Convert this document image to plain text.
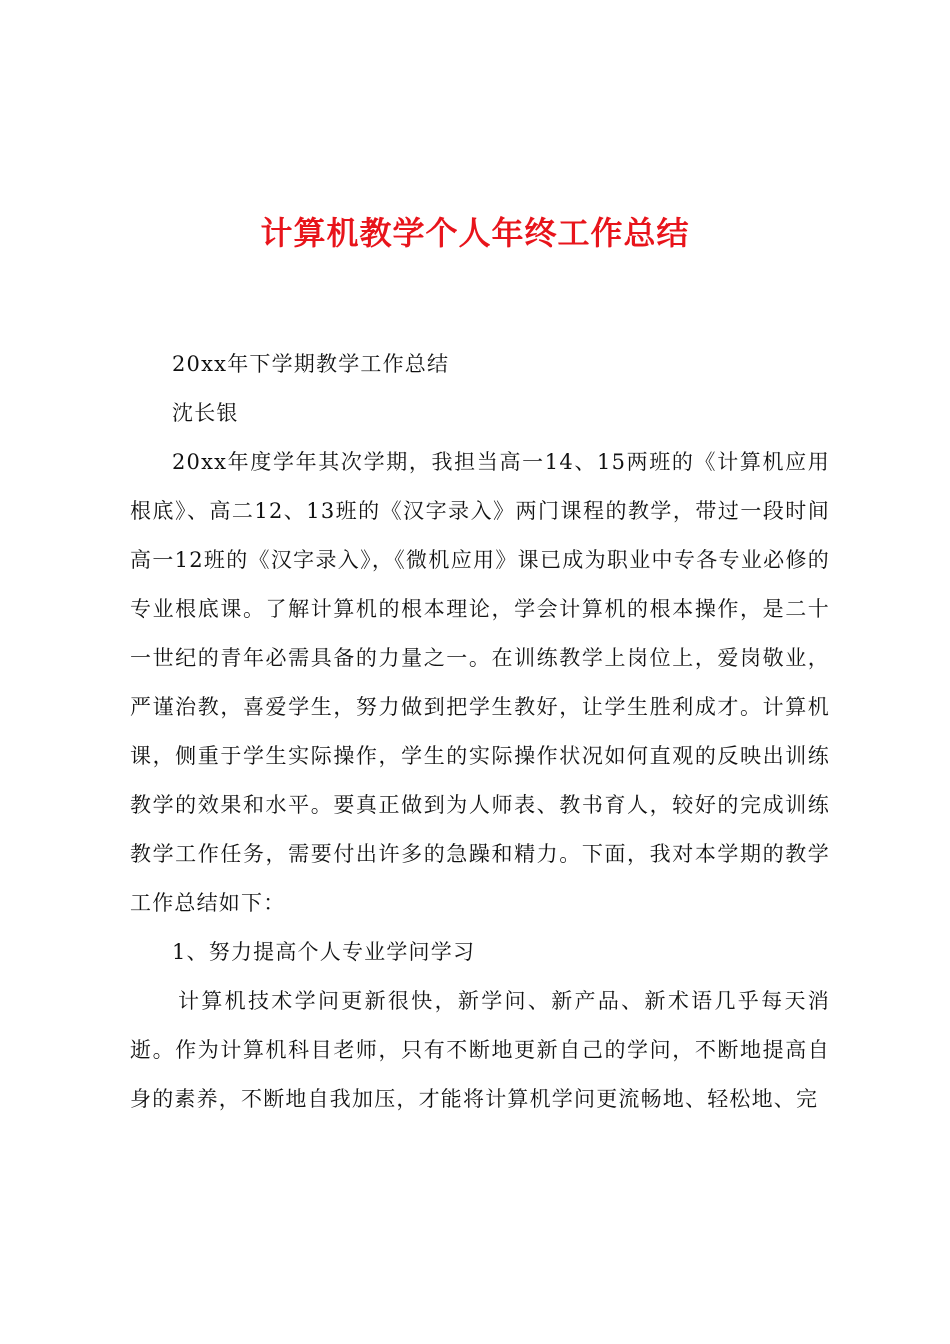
计算机教学个人年终工作总结

20xx年下学期教学工作总结

沈长银

20xx年度学年其次学期，我担当高一14、15两班的《计算机应用根底》、高二12、13班的《汉字录入》两门课程的教学，带过一段时间高一12班的《汉字录入》，《微机应用》课已成为职业中专各专业必修的专业根底课。了解计算机的根本理论，学会计算机的根本操作，是二十一世纪的青年必需具备的力量之一。在训练教学上岗位上，爱岗敬业，严谨治教，喜爱学生，努力做到把学生教好，让学生胜利成才。计算机课，侧重于学生实际操作，学生的实际操作状况如何直观的反映出训练教学的效果和水平。要真正做到为人师表、教书育人，较好的完成训练教学工作任务，需要付出许多的急躁和精力。下面，我对本学期的教学工作总结如下：

1、努力提高个人专业学问学习

计算机技术学问更新很快，新学问、新产品、新术语几乎每天消逝。作为计算机科目老师，只有不断地更新自己的学问，不断地提高自身的素养，不断地自我加压，才能将计算机学问更流畅地、轻松地、完
